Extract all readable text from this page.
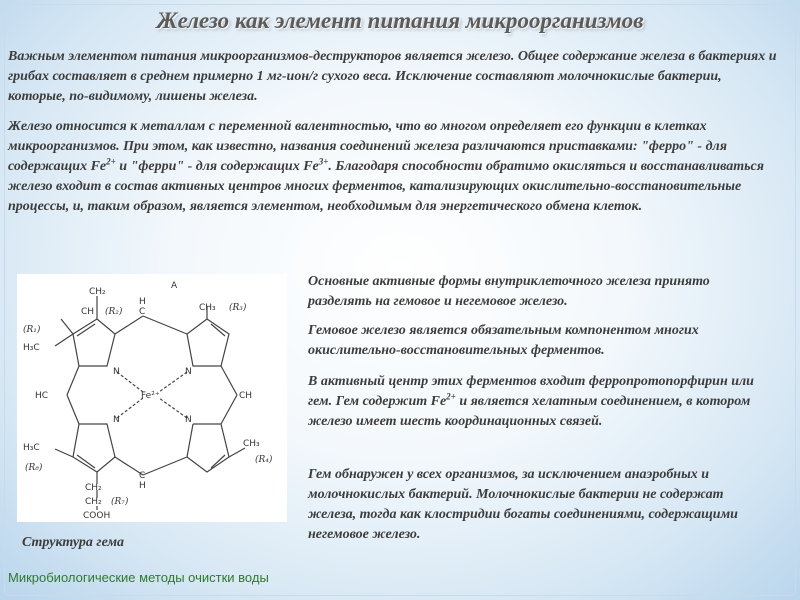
Железо как элемент питания микроорганизмов
Важным элементом питания микроорганизмов-деструкторов является железо. Общее содержание железа в бактериях и грибах составляет в среднем примерно 1 мг-ион/г сухого веса. Исключение составляют молочнокислые бактерии, которые, по-видимому, лишены железа.
Железо относится к металлам с переменной валентностью, что во многом определяет его функции в клетках микроорганизмов. При этом, как известно, названия соединений железа различаются приставками: "ферро" - для содержащих $Fe^{2+}$ и "ферри" - для содержащих $Fe^{3+}$. Благодаря способности обратимо окисляться и восстанавливаться железо входит в состав активных центров многих ферментов, катализирующих окислительно-восстановительные процессы, и, таким образом, является элементом, необходимым для энергетического обмена клеток.
A
CH₂
CH (R₂)
H
C	CH₃ (R₃)
(R₁)
H₃C
N	N
Fe²⁺
HC	CH
N	N
H₃C
(R₈)
CH₃
(R₄)
C
H
CH₂
CH₂ (R₇)
COOH
Основные активные формы внутриклеточного железа принято разделять на гемовое и негемовое железо.
Гемовое железо является обязательным компонентом многих окислительно-восстановительных ферментов.
В активный центр этих ферментов входит ферропротопорфирин или гем. Гем содержит $Fe^{2+}$ и является хелатным соединением, в котором железо имеет шесть координационных связей.
Гем обнаружен у всех организмов, за исключением анаэробных и молочнокислых бактерий. Молочнокислые бактерии не содержат железа, тогда как клостридии богаты соединениями, содержащими негемовое железо.
Структура гема
Микробиологические методы очистки воды
